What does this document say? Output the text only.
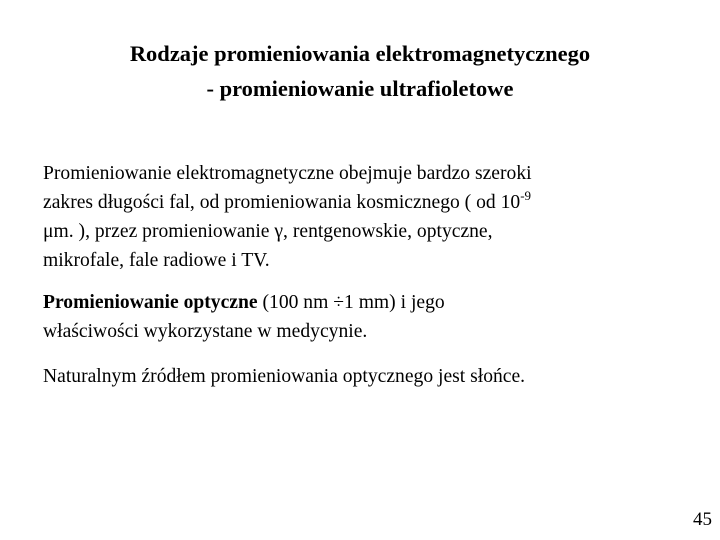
Rodzaje promieniowania elektromagnetycznego
- promieniowanie ultrafioletowe
Promieniowanie elektromagnetyczne obejmuje bardzo szeroki
zakres długości fal, od promieniowania kosmicznego ( od $10^{-9}$
μm. ), przez promieniowanie γ, rentgenowskie, optyczne,
mikrofale, fale radiowe i TV.
Promieniowanie optyczne (100 nm ÷1 mm) i jego
właściwości wykorzystane w medycynie.
Naturalnym źródłem promieniowania optycznego jest słońce.
45
